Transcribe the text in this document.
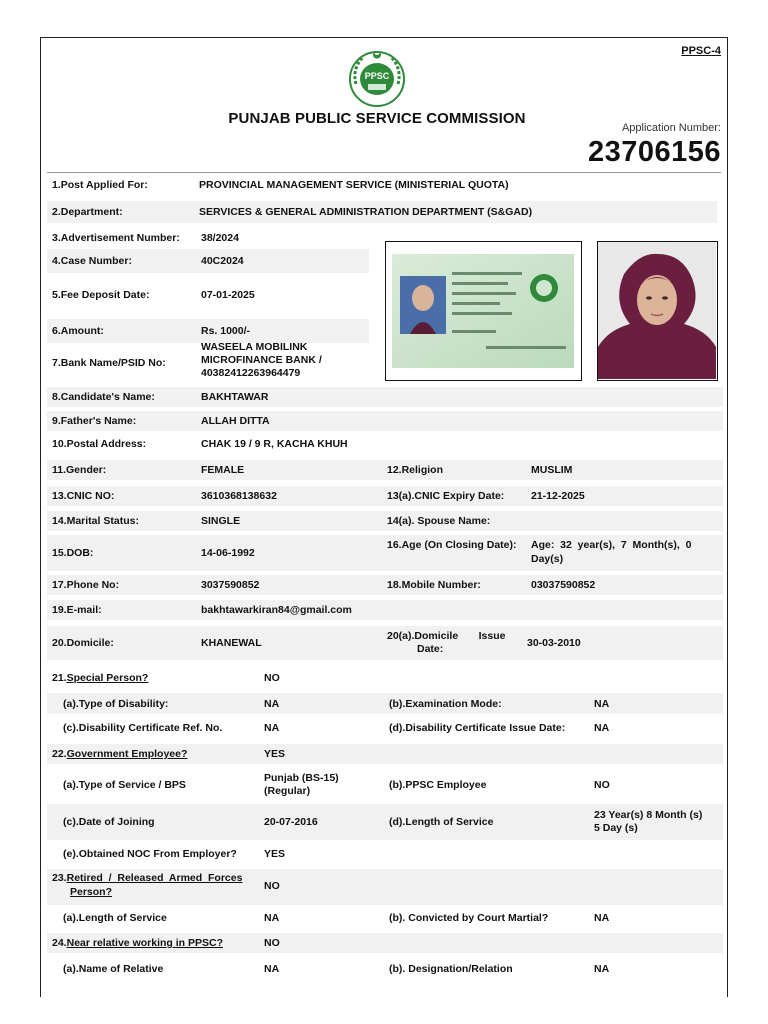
PPSC-4
PPSC
PUNJAB PUBLIC SERVICE COMMISSION
Application Number:
23706156
1.Post Applied For:	PROVINCIAL MANAGEMENT SERVICE (MINISTERIAL QUOTA)
2.Department:	SERVICES & GENERAL ADMINISTRATION DEPARTMENT (S&GAD)
3.Advertisement Number: 38/2024
4.Case Number:	40C2024
5.Fee Deposit Date:	07-01-2025
6.Amount:	Rs. 1000/-
7.Bank Name/PSID No:
WASEELA MOBILINK
MICROFINANCE BANK /
40382412263964479
8.Candidate's Name:	BAKHTAWAR
9.Father's Name:	ALLAH DITTA
10.Postal Address:	CHAK 19 / 9 R, KACHA KHUH
11.Gender:	FEMALE	12.Religion	MUSLIM
13.CNIC NO:	3610368138632	13(a).CNIC Expiry Date:	21-12-2025
14.Marital Status:	SINGLE	14(a). Spouse Name:
15.DOB:	14-06-1992
16.Age (On Closing Date): Age:  32  year(s),  7  Month(s),  0
Day(s)
17.Phone No:	3037590852	18.Mobile Number:	03037590852
19.E-mail:	bakhtawarkiran84@gmail.com
20.Domicile:	KHANEWAL
20(a).Domicile       Issue
Date:	30-03-2010
21. Special Person?	NO
(a).Type of Disability:	NA	(b).Examination Mode:	NA
(c).Disability Certificate Ref. No.	NA	(d).Disability Certificate Issue Date:	NA
22. Government Employee?	YES
(a).Type of Service / BPS
Punjab (BS-15)
(Regular)	(b).PPSC Employee	NO
(c).Date of Joining	20-07-2016	(d).Length of Service
23 Year(s) 8 Month (s)
5 Day (s)
(e).Obtained NOC From Employer?	YES
23. Retired  /  Released  Armed  Forces
Person?	NO
(a).Length of Service	NA	(b). Convicted by Court Martial?	NA
24. Near relative working in PPSC?	NO
(a).Name of Relative	NA	(b). Designation/Relation	NA
